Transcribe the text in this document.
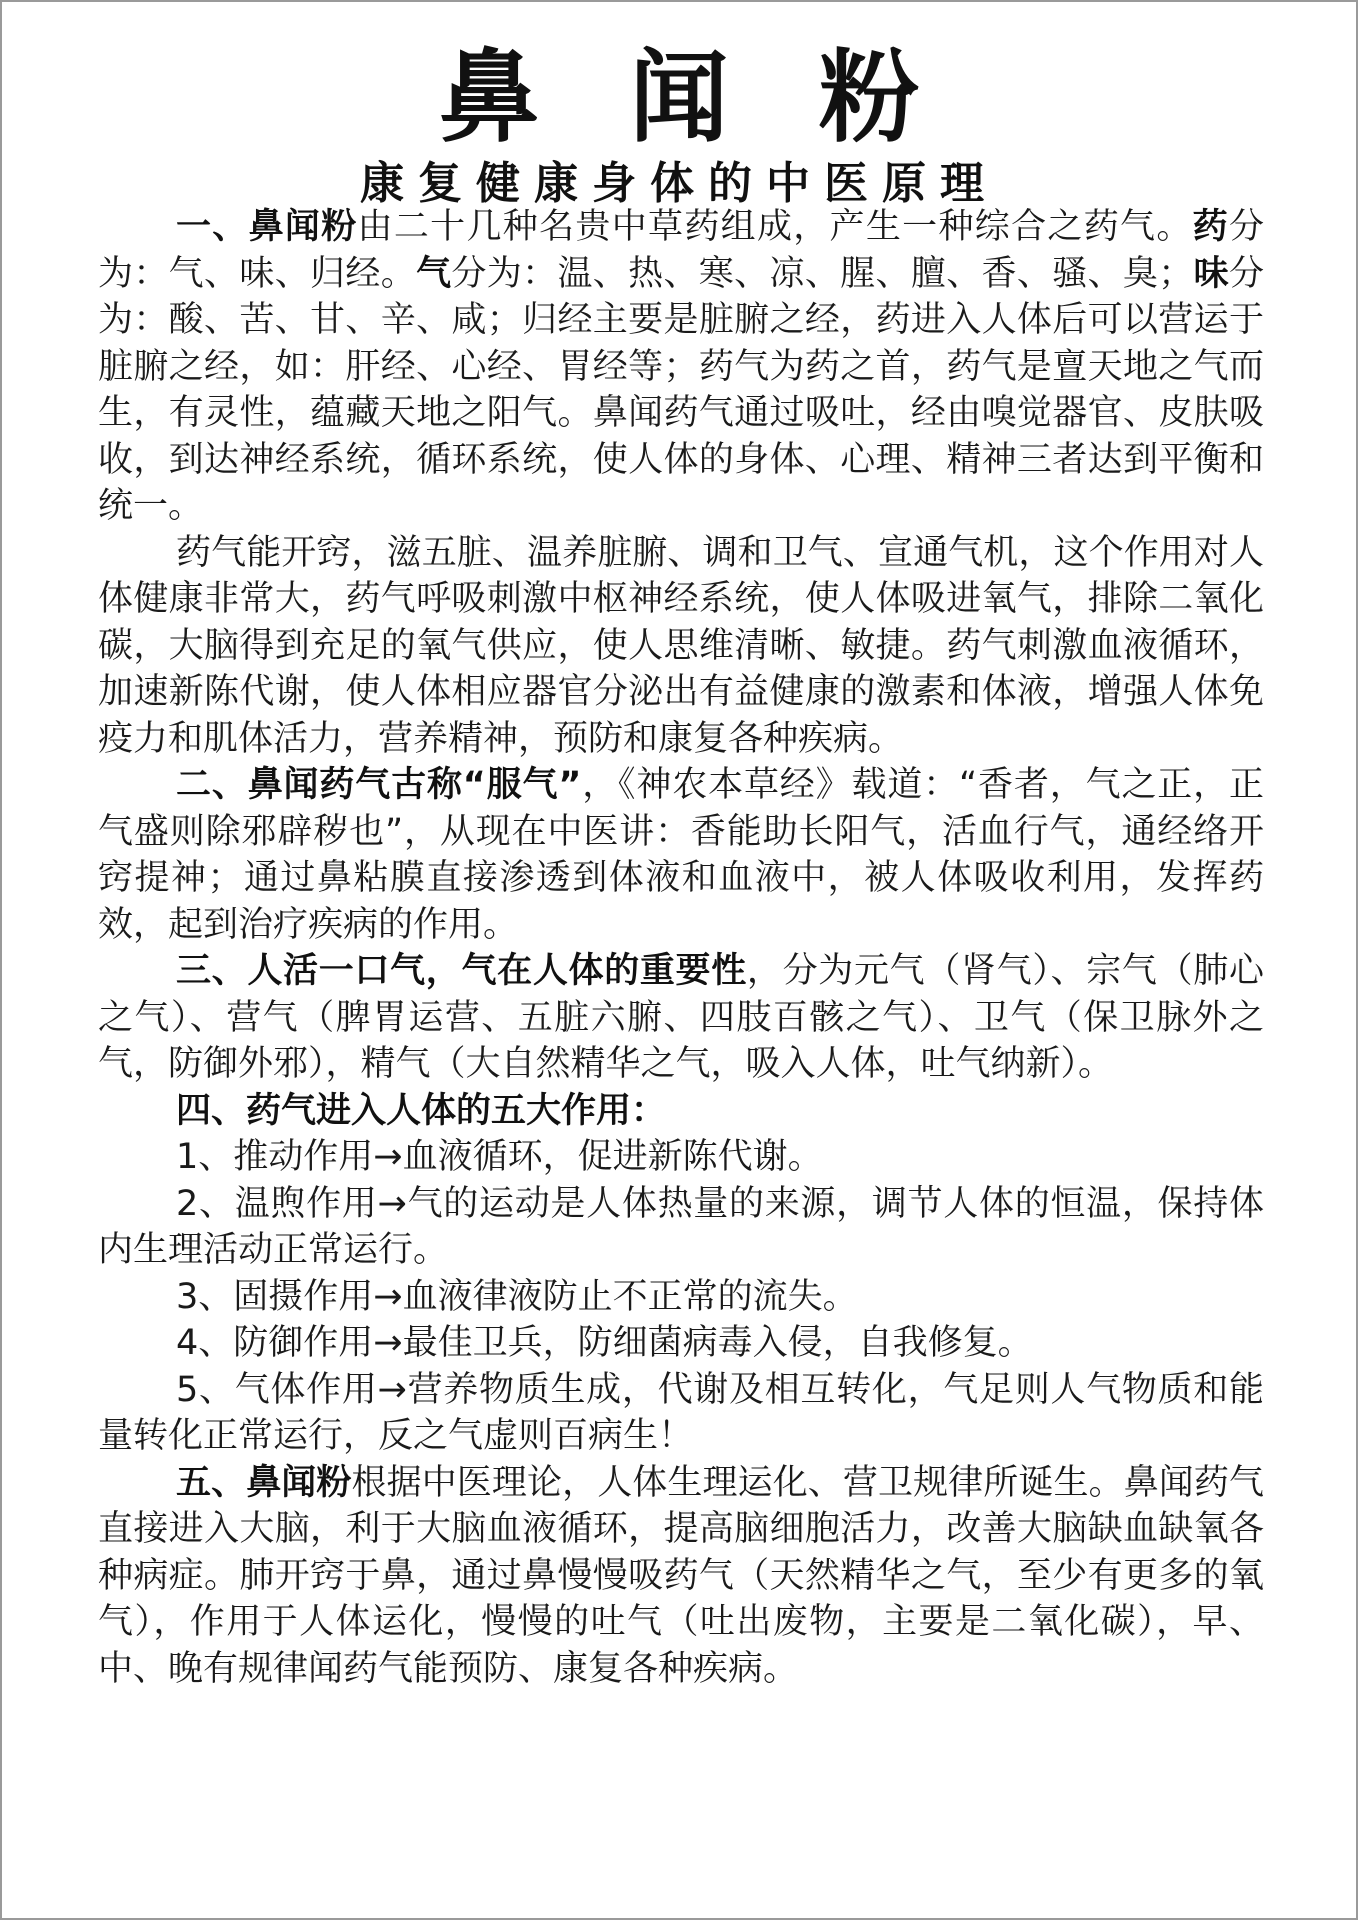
鼻闻粉
康复健康身体的中医原理

一、鼻闻粉由二十几种名贵中草药组成，产生一种综合之药气。药分为：气、味、归经。气分为：温、热、寒、凉、腥、膻、香、骚、臭；味分为：酸、苦、甘、辛、咸；归经主要是脏腑之经，药进入人体后可以营运于脏腑之经，如：肝经、心经、胃经等；药气为药之首，药气是亶天地之气而生，有灵性，蕴藏天地之阳气。鼻闻药气通过吸吐，经由嗅觉器官、皮肤吸收，到达神经系统，循环系统，使人体的身体、心理、精神三者达到平衡和统一。

药气能开窍，滋五脏、温养脏腑、调和卫气、宣通气机，这个作用对人体健康非常大，药气呼吸刺激中枢神经系统，使人体吸进氧气，排除二氧化碳，大脑得到充足的氧气供应，使人思维清晰、敏捷。药气刺激血液循环，加速新陈代谢，使人体相应器官分泌出有益健康的激素和体液，增强人体免疫力和肌体活力，营养精神，预防和康复各种疾病。

二、鼻闻药气古称“服气”，《神农本草经》载道：“香者，气之正，正气盛则除邪辟秽也”，从现在中医讲：香能助长阳气，活血行气，通经络开窍提神；通过鼻粘膜直接渗透到体液和血液中，被人体吸收利用，发挥药效，起到治疗疾病的作用。

三、人活一口气，气在人体的重要性，分为元气（肾气）、宗气（肺心之气）、营气（脾胃运营、五脏六腑、四肢百骸之气）、卫气（保卫脉外之气，防御外邪），精气（大自然精华之气，吸入人体，吐气纳新）。

四、药气进入人体的五大作用：

1、推动作用→血液循环，促进新陈代谢。

2、温煦作用→气的运动是人体热量的来源，调节人体的恒温，保持体内生理活动正常运行。

3、固摄作用→血液律液防止不正常的流失。

4、防御作用→最佳卫兵，防细菌病毒入侵，自我修复。

5、气体作用→营养物质生成，代谢及相互转化，气足则人气物质和能量转化正常运行，反之气虚则百病生！

五、鼻闻粉根据中医理论，人体生理运化、营卫规律所诞生。鼻闻药气直接进入大脑，利于大脑血液循环，提高脑细胞活力，改善大脑缺血缺氧各种病症。肺开窍于鼻，通过鼻慢慢吸药气（天然精华之气，至少有更多的氧气），作用于人体运化，慢慢的吐气（吐出废物，主要是二氧化碳），早、中、晚有规律闻药气能预防、康复各种疾病。
